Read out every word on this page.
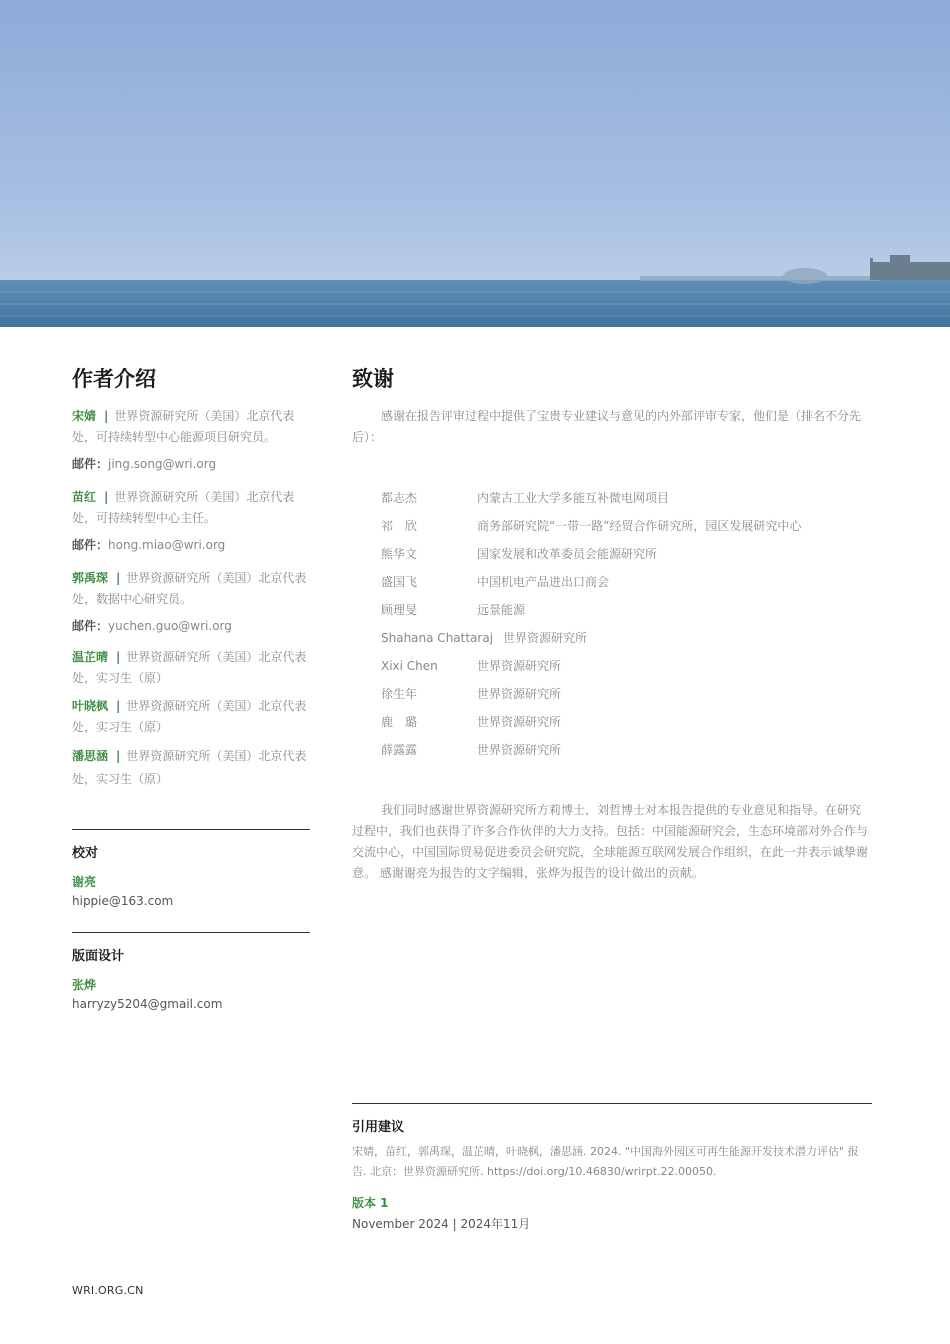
作者介绍
宋婧 | 世界资源研究所（美国）北京代表处，可持续转型中心能源项目研究员。
邮件：jing.song@wri.org
苗红 | 世界资源研究所（美国）北京代表处，可持续转型中心主任。
邮件：hong.miao@wri.org
郭禹琛 | 世界资源研究所（美国）北京代表处，数据中心研究员。
邮件：yuchen.guo@wri.org
温芷晴 | 世界资源研究所（美国）北京代表处，实习生（原）
叶晓枫 | 世界资源研究所（美国）北京代表处，实习生（原）
潘思涵 | 世界资源研究所（美国）北京代表处，实习生（原）
校对
谢亮
hippie@163.com
版面设计
张烨
harryzy5204@gmail.com
致谢

感谢在报告评审过程中提供了宝贵专业建议与意见的内外部评审专家，他们是（排名不分先后）：

都志杰	内蒙古工业大学多能互补微电网项目
祁　欣	商务部研究院“一带一路”经贸合作研究所，园区发展研究中心
熊华文	国家发展和改革委员会能源研究所
盛国飞	中国机电产品进出口商会
顾理旻	远景能源
Shahana Chattaraj 世界资源研究所
Xixi Chen	世界资源研究所
徐生年	世界资源研究所
鹿　璐	世界资源研究所
薛露露	世界资源研究所

我们同时感谢世界资源研究所方莉博士，刘哲博士对本报告提供的专业意见和指导。在研究过程中，我们也获得了许多合作伙伴的大力支持。包括：中国能源研究会，生态环境部对外合作与交流中心，中国国际贸易促进委员会研究院，全球能源互联网发展合作组织，在此一并表示诚挚谢意。 感谢谢亮为报告的文字编辑，张烨为报告的设计做出的贡献。

引用建议
宋婧，苗红，郭禹琛，温芷晴，叶晓枫，潘思涵. 2024. "中国海外园区可再生能源开发技术潜力评估" 报告. 北京：世界资源研究所. https://doi.org/10.46830/wrirpt.22.00050.
版本 1
November 2024 | 2024年11月
WRI.ORG.CN
